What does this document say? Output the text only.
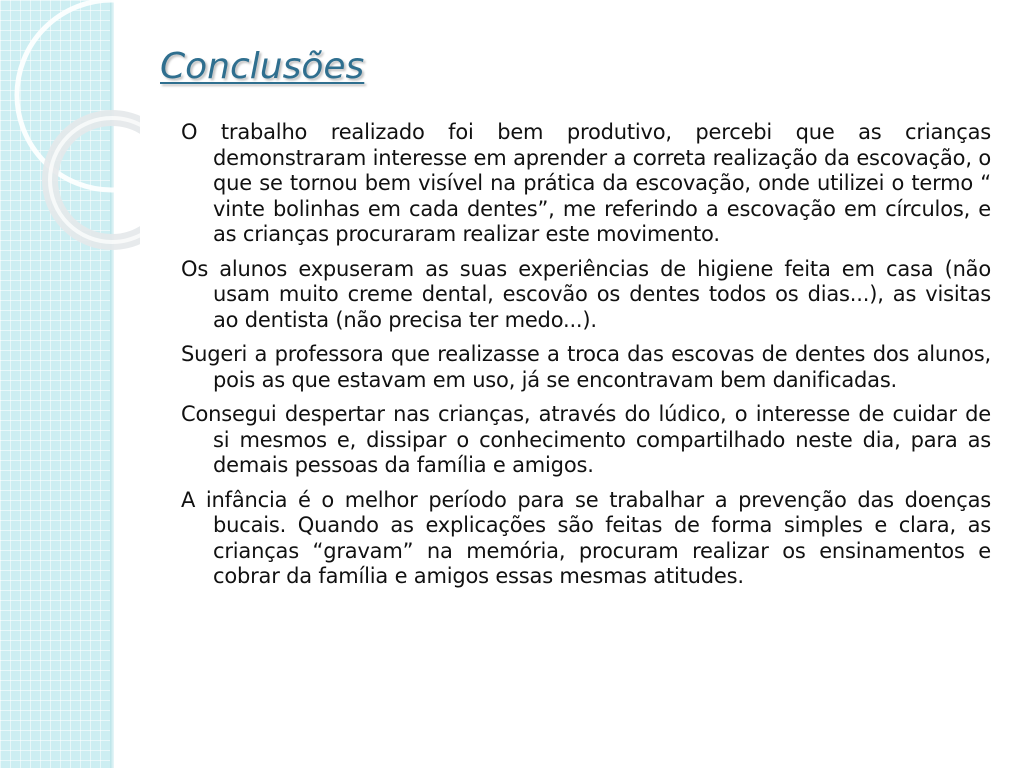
Conclusões

O trabalho realizado foi bem produtivo, percebi que as crianças demonstraram interesse em aprender a correta realização da escovação, o que se tornou bem visível na prática da escovação, onde utilizei o termo “ vinte bolinhas em cada dentes”, me referindo a escovação em círculos, e as crianças procuraram realizar este movimento.

Os alunos expuseram as suas experiências de higiene feita em casa (não usam muito creme dental, escovão os dentes todos os dias...), as visitas ao dentista (não precisa ter medo...).

Sugeri a professora que realizasse a troca das escovas de dentes dos alunos, pois as que estavam em uso, já se encontravam bem danificadas.

Consegui despertar nas crianças, através do lúdico, o interesse de cuidar de si mesmos e, dissipar o conhecimento compartilhado neste dia, para as demais pessoas da família e amigos.

A infância é o melhor período para se trabalhar a prevenção das doenças bucais. Quando as explicações são feitas de forma simples e clara, as crianças “gravam” na memória, procuram realizar os ensinamentos e cobrar da família e amigos essas mesmas atitudes.
